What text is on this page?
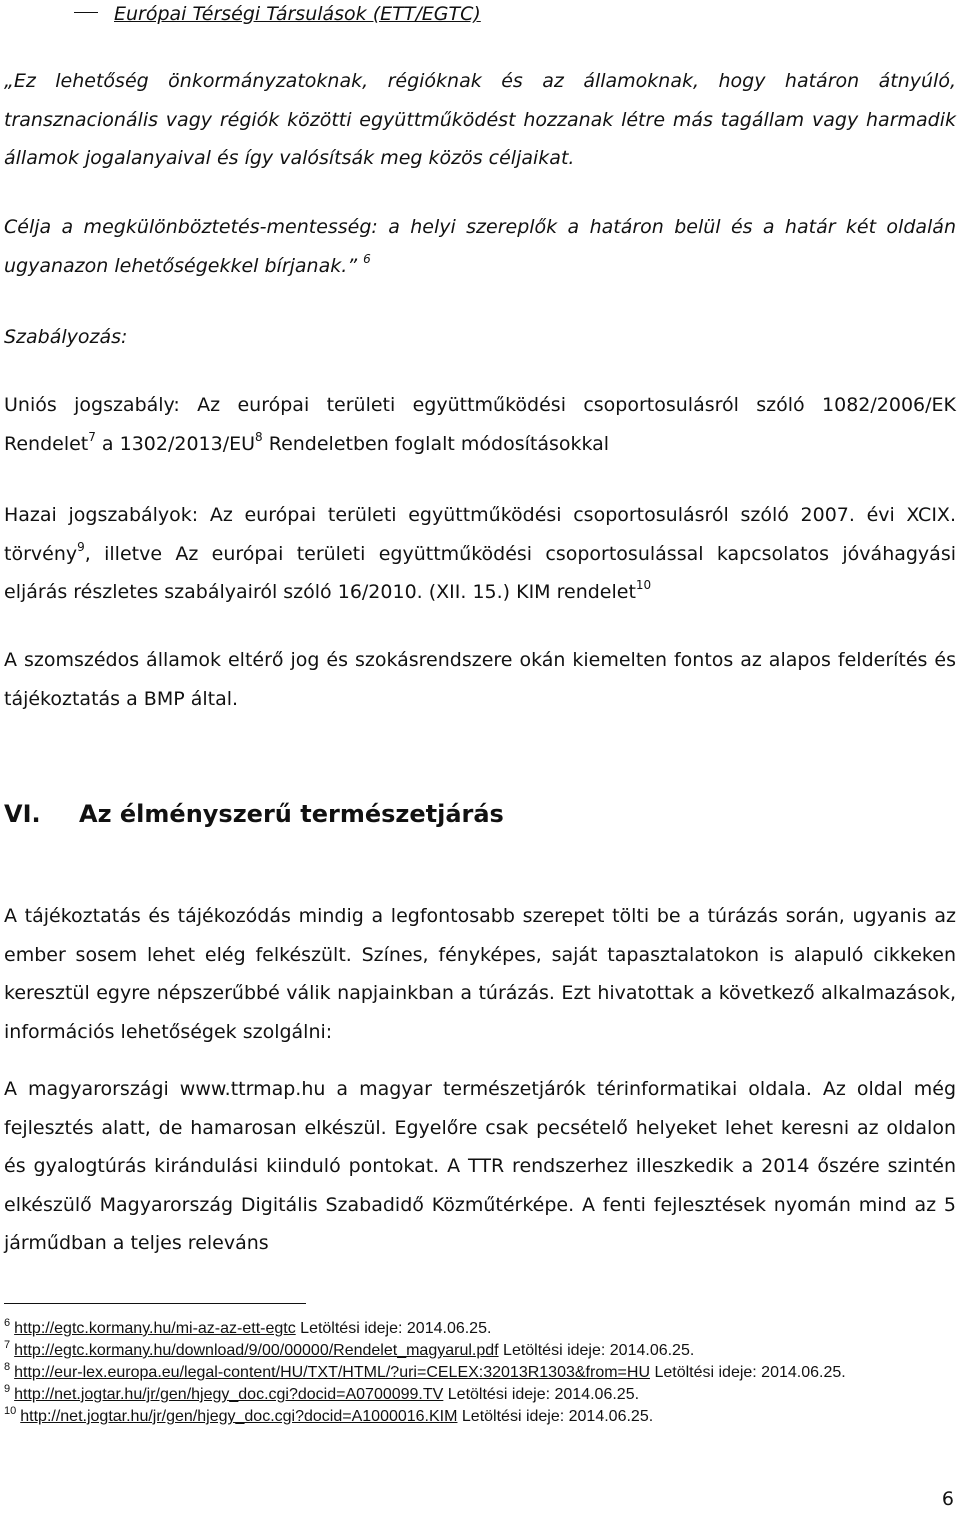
Európai Térségi Társulások (ETT/EGTC)

„Ez lehetőség önkormányzatoknak, régióknak és az államoknak, hogy határon átnyúló, transznacionális vagy régiók közötti együttműködést hozzanak létre más tagállam vagy harmadik államok jogalanyaival és így valósítsák meg közös céljaikat.

Célja a megkülönböztetés-mentesség: a helyi szereplők a határon belül és a határ két oldalán ugyanazon lehetőségekkel bírjanak.” $^6$

Szabályozás:

Uniós jogszabály: Az európai területi együttműködési csoportosulásról szóló 1082/2006/EK Rendelet$^7$ a $1302/2013/EU^8$ Rendeletben foglalt módosításokkal

Hazai jogszabályok: Az európai területi együttműködési csoportosulásról szóló 2007. évi XCIX. törvény$^9$, illetve Az európai területi együttműködési csoportosulással kapcsolatos jóváhagyási eljárás részletes szabályairól szóló 16/2010. (XII. 15.) KIM rendelet$^{10}$

A szomszédos államok eltérő jog és szokásrendszere okán kiemelten fontos az alapos felderítés és tájékoztatás a BMP által.

VI. Az élményszerű természetjárás

A tájékoztatás és tájékozódás mindig a legfontosabb szerepet tölti be a túrázás során, ugyanis az ember sosem lehet elég felkészült. Színes, fényképes, saját tapasztalatokon is alapuló cikkeken keresztül egyre népszerűbbé válik napjainkban a túrázás. Ezt hivatottak a következő alkalmazások, információs lehetőségek szolgálni:

A magyarországi www.ttrmap.hu a magyar természetjárók térinformatikai oldala. Az oldal még fejlesztés alatt, de hamarosan elkészül. Egyelőre csak pecsételő helyeket lehet keresni az oldalon és gyalogtúrás kirándulási kiinduló pontokat. A TTR rendszerhez illeszkedik a 2014 őszére szintén elkészülő Magyarország Digitális Szabadidő Közműtérképe. A fenti fejlesztések nyomán mind az 5 járműdban a teljes releváns

$^6$ http://egtc.kormany.hu/mi-az-az-ett-egtc Letöltési ideje: 2014.06.25.

$^7$ http://egtc.kormany.hu/download/9/00/00000/Rendelet_magyarul.pdf Letöltési ideje: 2014.06.25.

$^8$ http://eur-lex.europa.eu/legal-content/HU/TXT/HTML/?uri=CELEX:32013R1303&from=HU Letöltési ideje: 2014.06.25.

$^9$ http://net.jogtar.hu/jr/gen/hjegy_doc.cgi?docid=A0700099.TV Letöltési ideje: 2014.06.25.

$^{10}$ http://net.jogtar.hu/jr/gen/hjegy_doc.cgi?docid=A1000016.KIM Letöltési ideje: 2014.06.25.

6
